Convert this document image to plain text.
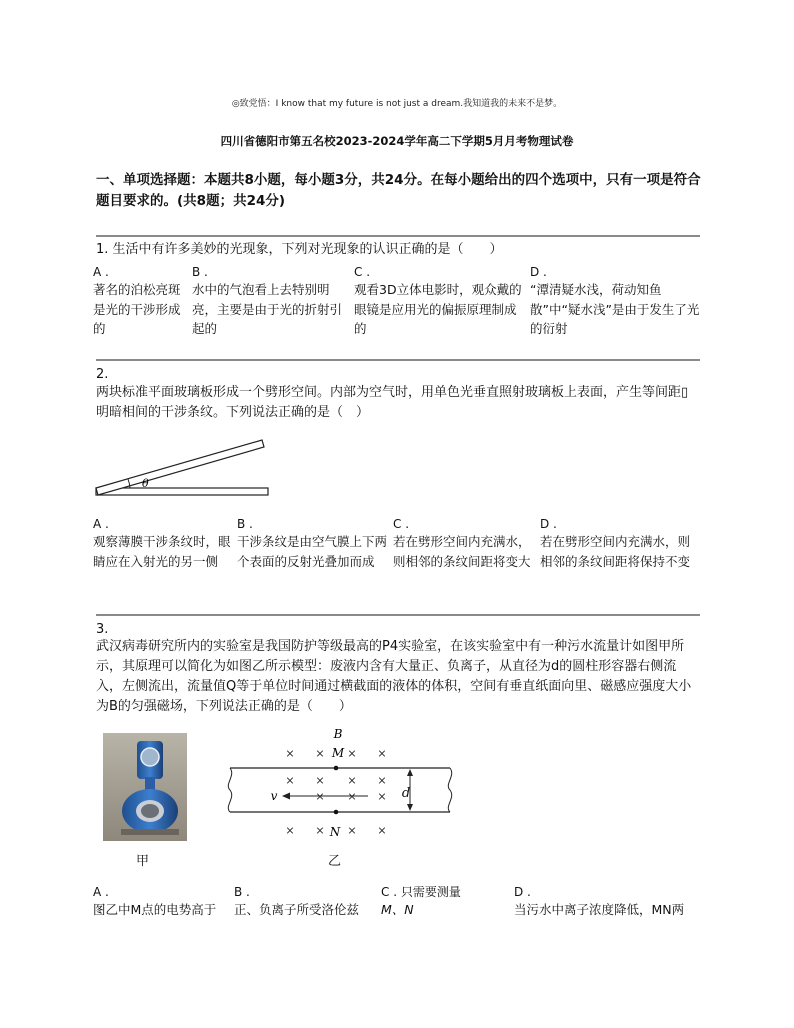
◎致党悟：I know that my future is not just a dream.我知道我的未来不是梦。
四川省德阳市第五名校2023-2024学年高二下学期5月月考物理试卷
一、单项选择题：本题共8小题，每小题3分，共24分。在每小题给出的四个选项中，只有一项是符合题目要求的。(共8题；共24分)
1. 生活中有许多美妙的光现象，下列对光现象的认识正确的是（　　）
A .
著名的泊松亮斑是光的干涉形成的
B .
水中的气泡看上去特别明亮，主要是由于光的折射引起的
C .
观看3D立体电影时，观众戴的眼镜是应用光的偏振原理制成的
D .
“潭清疑水浅，荷动知鱼散”中“疑水浅”是由于发生了光的衍射
2.
两块标准平面玻璃板形成一个劈形空间。内部为空气时，用单色光垂直照射玻璃板上表面，产生等间距▯明暗相间的干涉条纹。下列说法正确的是（　）
θ
A .
观察薄膜干涉条纹时，眼睛应在入射光的另一侧
B .
干涉条纹是由空气膜上下两个表面的反射光叠加而成
C .
若在劈形空间内充满水，则相邻的条纹间距将变大
D .
若在劈形空间内充满水，则相邻的条纹间距将保持不变
3.
武汉病毒研究所内的实验室是我国防护等级最高的P4实验室，在该实验室中有一种污水流量计如图甲所示，其原理可以简化为如图乙所示模型：废液内含有大量正、负离子，从直径为d的圆柱形容器右侧流入，左侧流出，流量值Q等于单位时间通过横截面的液体的体积，空间有垂直纸面向里、磁感应强度大小为B的匀强磁场，下列说法正确的是（　　）
甲
× × × ×
× × × ×
× × ×
× × × ×
B
M
N
v	d
乙
A .
图乙中M点的电势高于
B .
正、负离子所受洛伦兹
C . 只需要测量
M、N
D .
当污水中离子浓度降低，MN两
